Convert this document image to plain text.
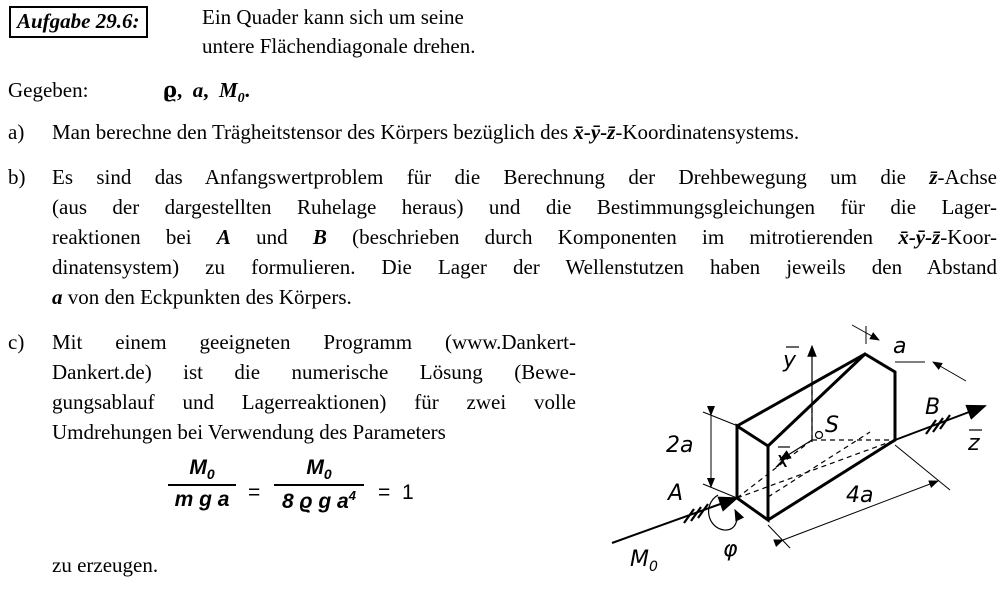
Aufgabe 29.6:	Ein Quader kann sich um seine
untere Flächendiagonale drehen.
Gegeben:	ϱ, a, $M_0$.
a) Man berechne den Trägheitstensor des Körpers bezüglich des x̄-ȳ-z̄-Koordinatensystems.
b) Es sind das Anfangswertproblem für die Berechnung der Drehbewegung um die z̄-Achse
(aus der dargestellten Ruhelage heraus) und die Bestimmungsgleichungen für die Lager-
reaktionen bei A und B (beschrieben durch Komponenten im mitrotierenden x̄-ȳ-z̄-Koor-
dinatensystem) zu formulieren. Die Lager der Wellenstutzen haben jeweils den Abstand
a von den Eckpunkten des Körpers.
c) Mit einem geeigneten Programm (www.Dankert-
Dankert.de) ist die numerische Lösung (Bewe-
gungsablauf und Lagerreaktionen) für zwei volle
Umdrehungen bei Verwendung des Parameters
$M_0$
m g a =
$M_0$
8 ϱ g $a^4$	= 1
zu erzeugen.
y
x
z
S
a
2a
4a
A
B
$M_0$
φ
